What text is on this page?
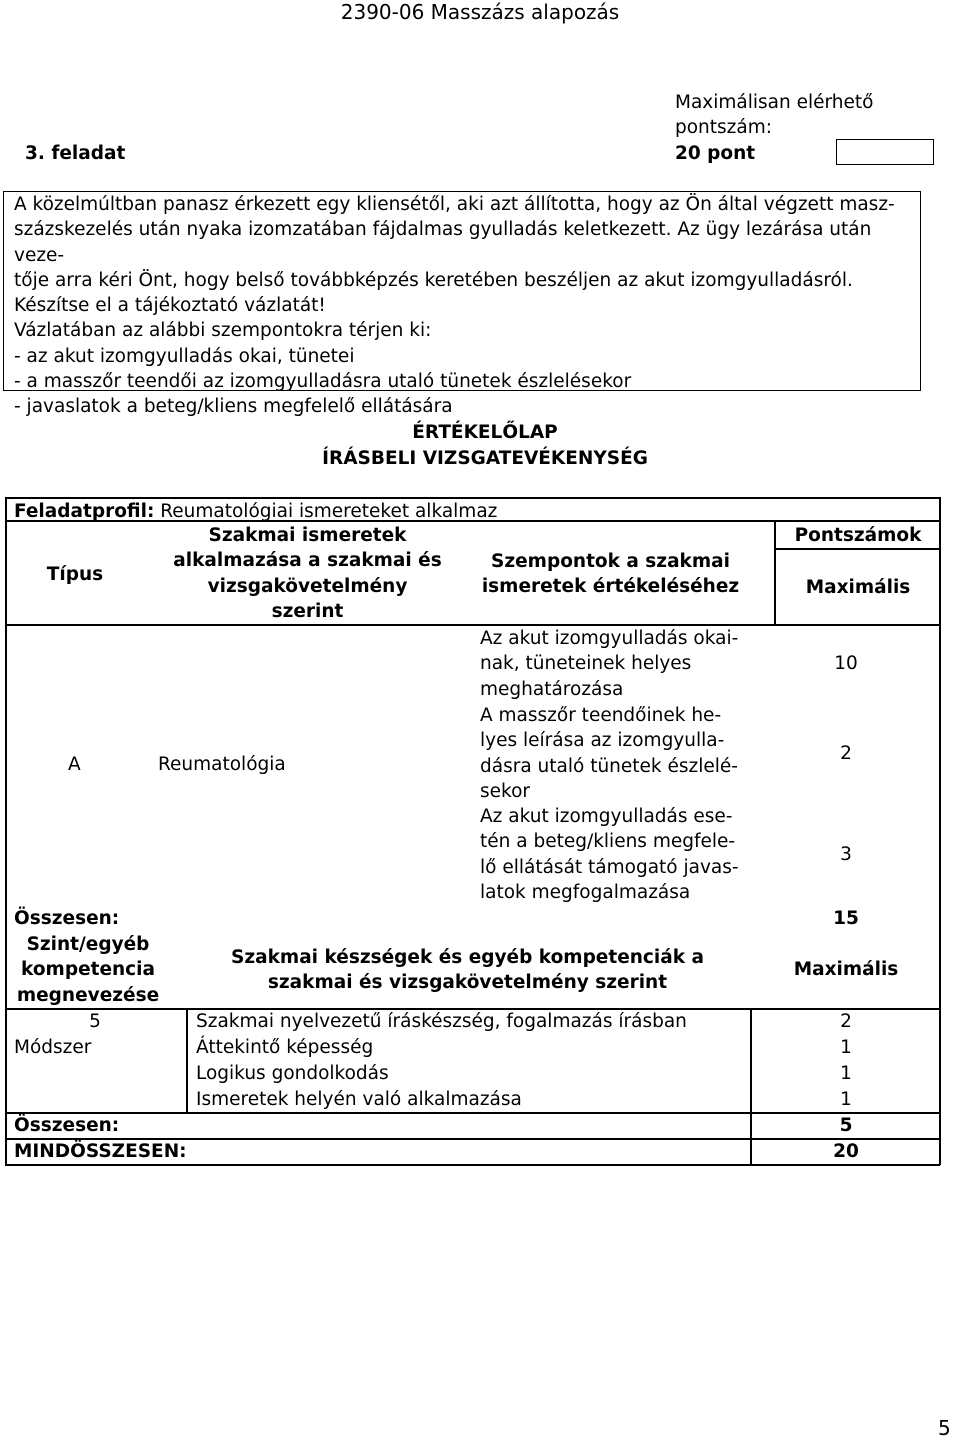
2390-06 Masszázs alapozás
Maximálisan elérhető
pontszám:
3. feladat	20 pont

A közelmúltban panasz érkezett egy kliensétől, aki azt állította, hogy az Ön által végzett masz-

százskezelés után nyaka izomzatában fájdalmas gyulladás keletkezett. Az ügy lezárása után veze-

tője arra kéri Önt, hogy belső továbbképzés keretében beszéljen az akut izomgyulladásról.

Készítse el a tájékoztató vázlatát!

Vázlatában az alábbi szempontokra térjen ki:

- az akut izomgyulladás okai, tünetei

- a masszőr teendői az izomgyulladásra utaló tünetek észlelésekor

- javaslatok a beteg/kliens megfelelő ellátására

ÉRTÉKELŐLAP
ÍRÁSBELI VIZSGATEVÉKENYSÉG
Feladatprofil: Reumatológiai ismereteket alkalmaz
Típus
Szakmai ismeretek
alkalmazása a szakmai és
vizsgakövetelmény
szerint
Szempontok a szakmai
ismeretek értékeléséhez
Pontszámok
Maximális
A	Reumatológia
Az akut izomgyulladás okai-
nak, tüneteinek helyes
meghatározása
10
A masszőr teendőinek he-
lyes leírása az izomgyulla-
dásra utaló tünetek észlelé-
sekor
2
Az akut izomgyulladás ese-
tén a beteg/kliens megfele-
lő ellátását támogató javas-
latok megfogalmazása
3
Összesen:	15
Szint/egyéb
kompetencia
megnevezése
Szakmai készségek és egyéb kompetenciák a
szakmai és vizsgakövetelmény szerint
Maximális
5	Szakmai nyelvezetű íráskészség, fogalmazás írásban	2
Módszer	Áttekintő képesség	1
Logikus gondolkodás	1
Ismeretek helyén való alkalmazása	1
Összesen:	5
MINDÖSSZESEN:	20
5
